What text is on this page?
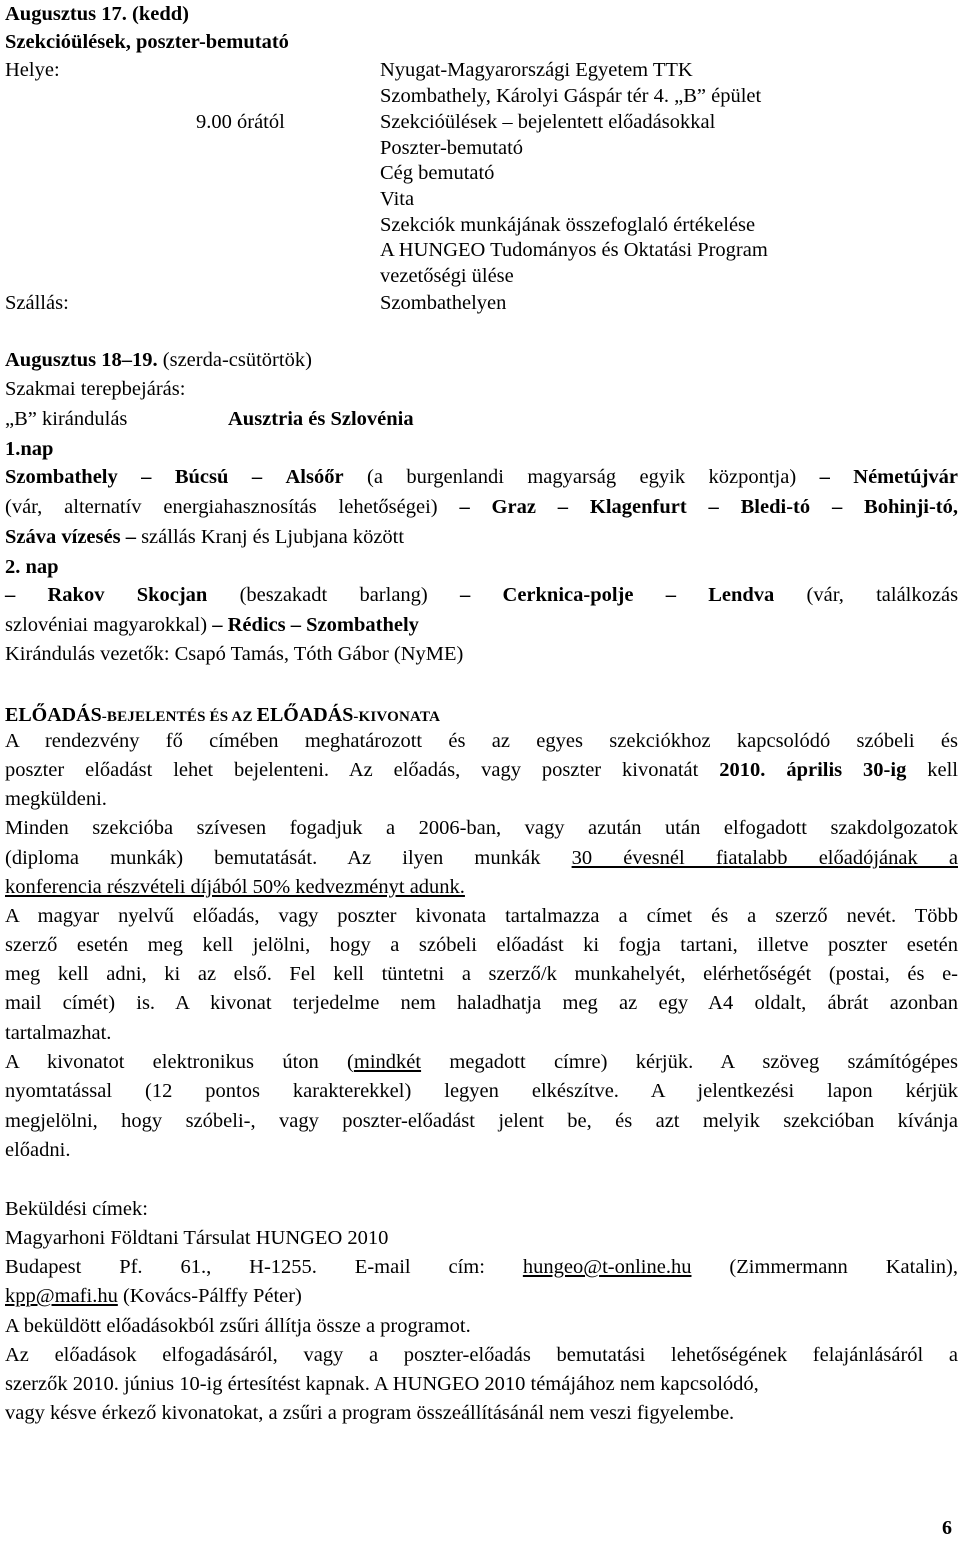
Augusztus 17. (kedd)
Szekcióülések, poszter-bemutató
Helye:	Nyugat-Magyarországi Egyetem TTK
Szombathely, Károlyi Gáspár tér 4. „B” épület
9.00 órától	Szekcióülések – bejelentett előadásokkal
Poszter-bemutató
Cég bemutató
Vita
Szekciók munkájának összefoglaló értékelése
A HUNGEO Tudományos és Oktatási Program
vezetőségi ülése
Szállás:	Szombathelyen
Augusztus 18–19. (szerda-csütörtök)
Szakmai terepbejárás:
„B” kirándulás	Ausztria és Szlovénia
1.nap
Szombathely – Búcsú – Alsóőr (a burgenlandi magyarság egyik központja) – Németújvár
(vár, alternatív energiahasznosítás lehetőségei) – Graz – Klagenfurt – Bledi-tó – Bohinji-tó,
Száva vízesés – szállás Kranj és Ljubjana között
2. nap
– Rakov Skocjan (beszakadt barlang) – Cerknica-polje – Lendva (vár, találkozás
szlovéniai magyarokkal) – Rédics – Szombathely
Kirándulás vezetők: Csapó Tamás, Tóth Gábor (NyME)
ELŐADÁS-BEJELENTÉS ÉS AZ ELŐADÁS-KIVONATA
A rendezvény fő címében meghatározott és az egyes szekciókhoz kapcsolódó szóbeli és
poszter előadást lehet bejelenteni. Az előadás, vagy poszter kivonatát 2010. április 30-ig kell
megküldeni.
Minden szekcióba szívesen fogadjuk a 2006-ban, vagy azután után elfogadott szakdolgozatok
(diploma munkák) bemutatását. Az ilyen munkák 30 évesnél fiatalabb előadójának a
konferencia részvételi díjából 50% kedvezményt adunk.
A magyar nyelvű előadás, vagy poszter kivonata tartalmazza a címet és a szerző nevét. Több
szerző esetén meg kell jelölni, hogy a szóbeli előadást ki fogja tartani, illetve poszter esetén
meg kell adni, ki az első. Fel kell tüntetni a szerző/k munkahelyét, elérhetőségét (postai, és e-
mail címét) is. A kivonat terjedelme nem haladhatja meg az egy A4 oldalt, ábrát azonban
tartalmazhat.
A kivonatot elektronikus úton (mindkét megadott címre) kérjük. A szöveg számítógépes
nyomtatással (12 pontos karakterekkel) legyen elkészítve. A jelentkezési lapon kérjük
megjelölni, hogy szóbeli-, vagy poszter-előadást jelent be, és azt melyik szekcióban kívánja
előadni.
Beküldési címek:
Magyarhoni Földtani Társulat HUNGEO 2010
Budapest Pf. 61., H-1255. E-mail cím: hungeo@t-online.hu (Zimmermann Katalin),
kpp@mafi.hu (Kovács-Pálffy Péter)
A beküldött előadásokból zsűri állítja össze a programot.
Az előadások elfogadásáról, vagy a poszter-előadás bemutatási lehetőségének felajánlásáról a
szerzők 2010. június 10-ig értesítést kapnak. A HUNGEO 2010 témájához nem kapcsolódó,
vagy késve érkező kivonatokat, a zsűri a program összeállításánál nem veszi figyelembe.
6
